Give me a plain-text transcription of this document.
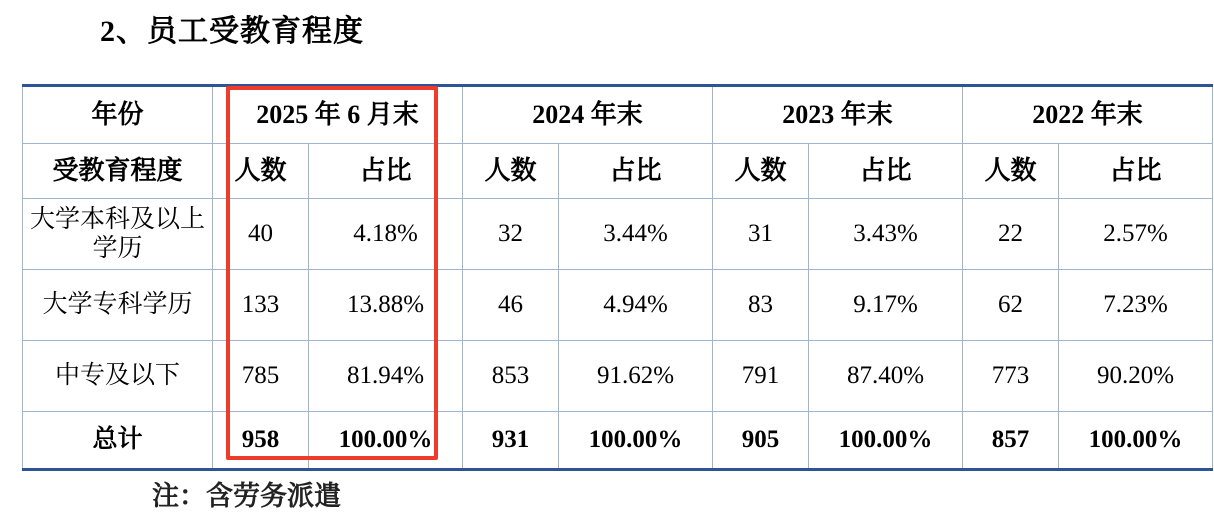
2、员工受教育程度
年份	2025 年 6 月末		2024 年末		2023 年末		2022 年末	
受教育程度	人数	占比	人数	占比	人数	占比	人数	占比
大学本科及以上学历	40	4.18%	32	3.44%	31	3.43%	22	2.57%
大学专科学历	133	13.88%	46	4.94%	83	9.17%	62	7.23%
中专及以下	785	81.94%	853	91.62%	791	87.40%	773	90.20%
总计	958	100.00%	931	100.00%	905	100.00%	857	100.00%
注：含劳务派遣
